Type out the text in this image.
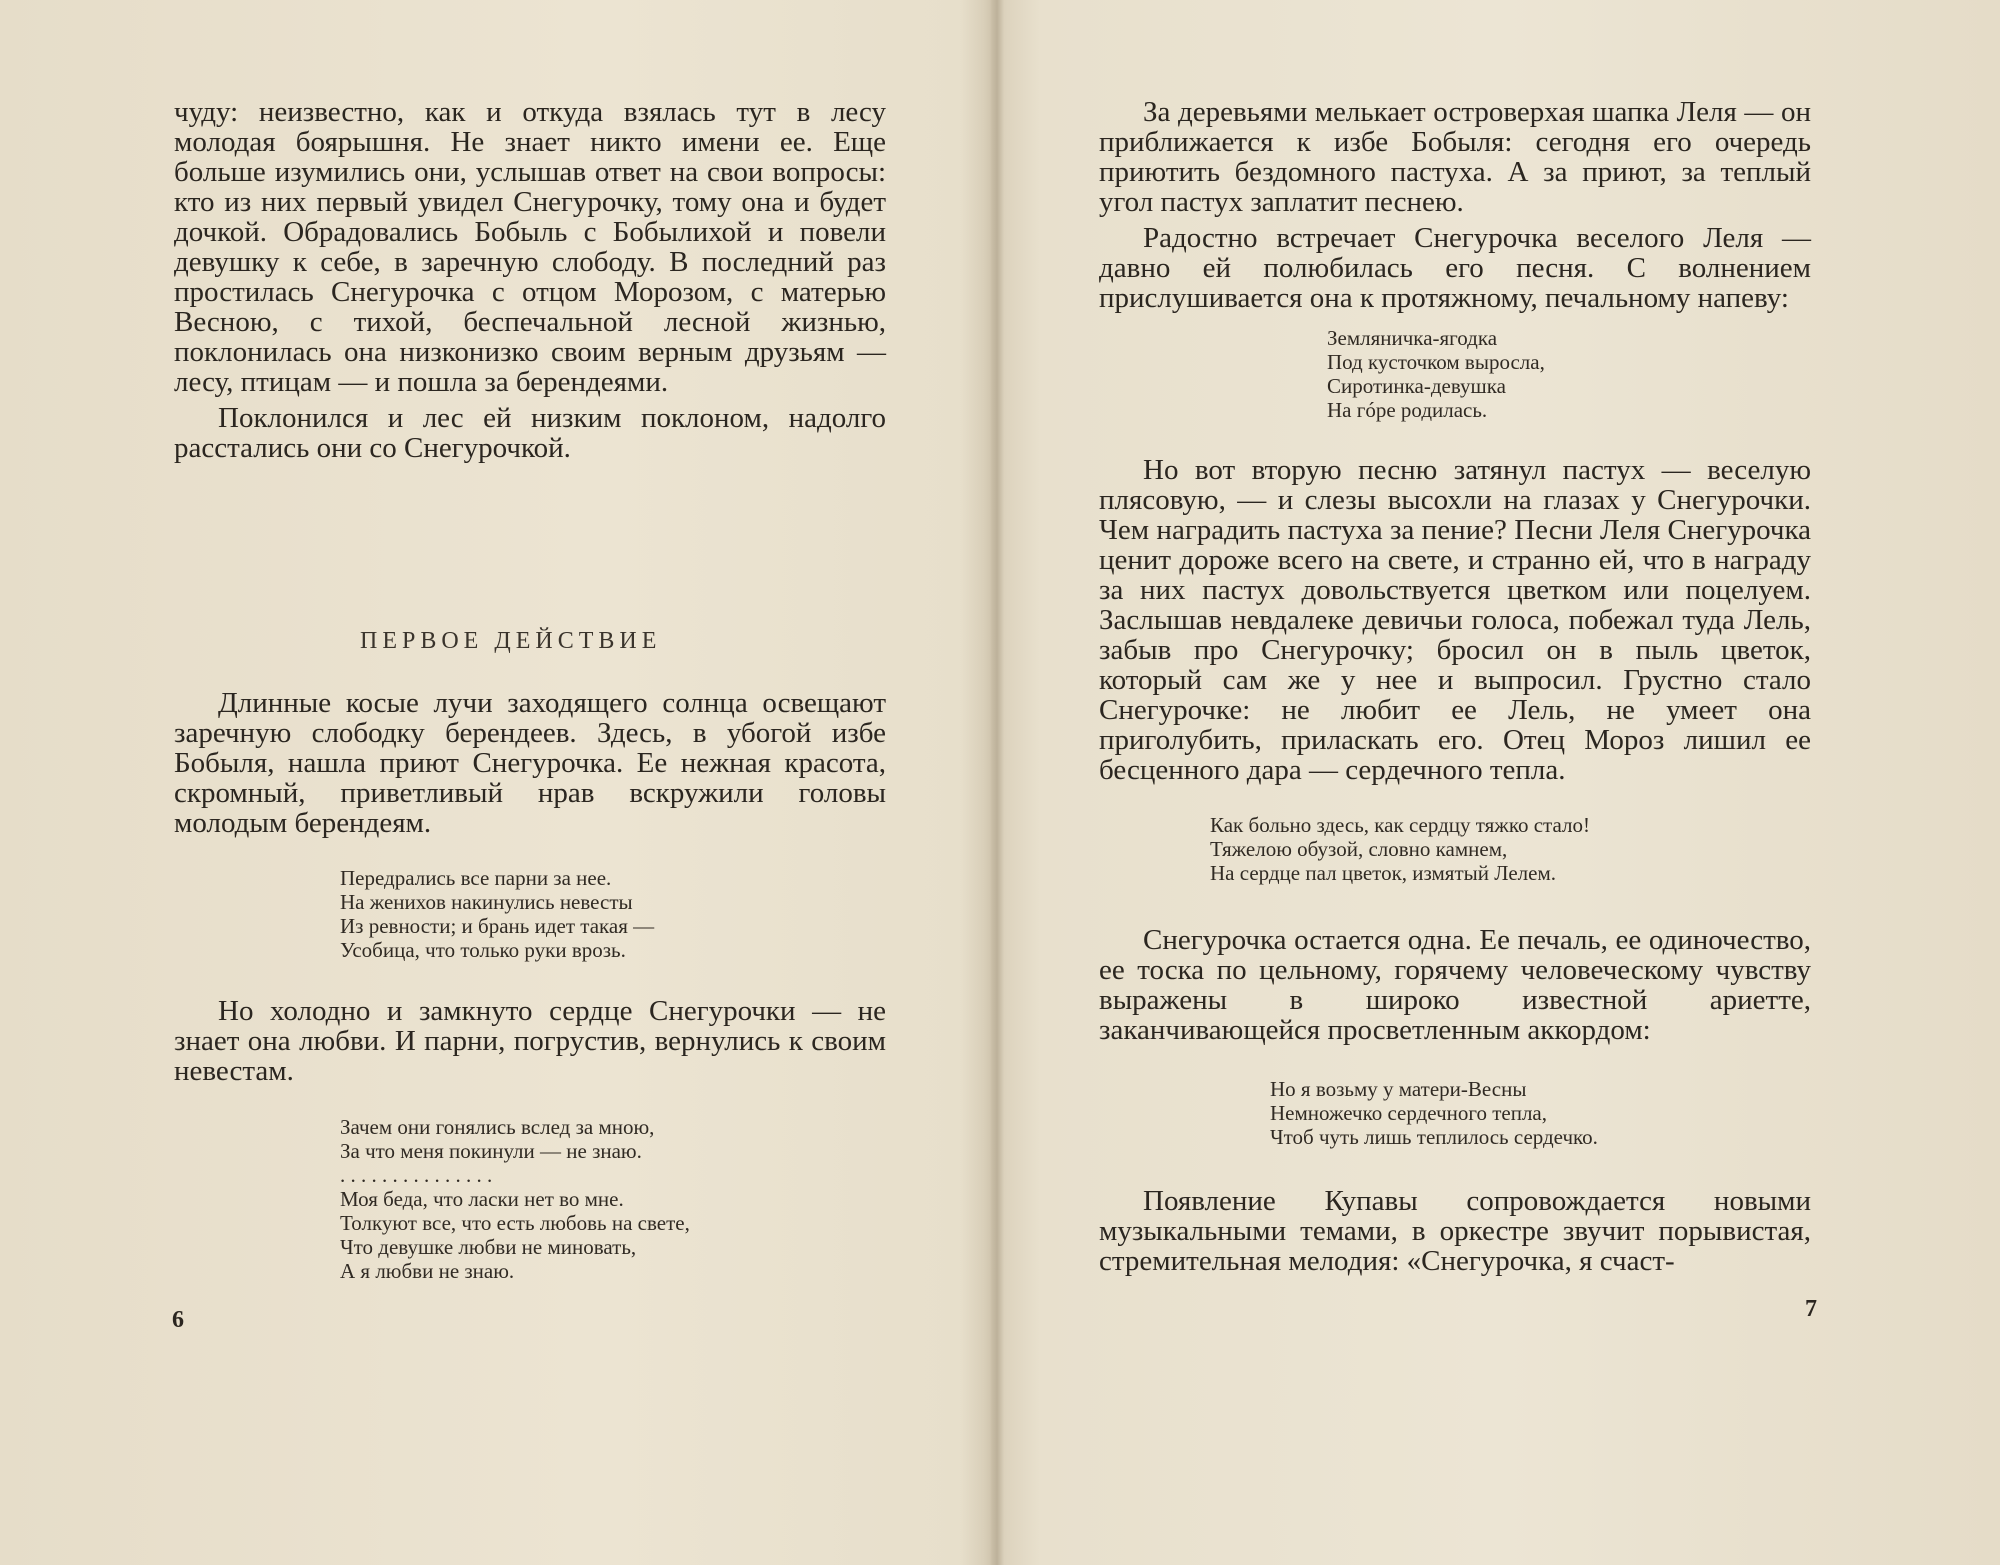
чуду: неизвестно, как и откуда взялась тут в лесу молодая боярышня. Не знает никто имени ее. Еще больше изумились они, услышав ответ на свои вопросы: кто из них первый увидел Снегурочку, тому она и будет дочкой. Обрадовались Бобыль с Бобылихой и повели девушку к себе, в заречную слободу. В последний раз простилась Снегурочка с отцом Морозом, с матерью Весною, с тихой, беспечальной лесной жизнью, поклонилась она низконизко своим верным друзьям — лесу, птицам — и пошла за берендеями.

Поклонился и лес ей низким поклоном, надолго расстались они со Снегурочкой.

ПЕРВОЕ ДЕЙСТВИЕ

Длинные косые лучи заходящего солнца освещают заречную слободку берендеев. Здесь, в убогой избе Бобыля, нашла приют Снегурочка. Ее нежная красота, скромный, приветливый нрав вскружили головы молодым берендеям.

Передрались все парни за нее.
На женихов накинулись невесты
Из ревности; и брань идет такая —
Усобица, что только руки врозь.

Но холодно и замкнуто сердце Снегурочки — не знает она любви. И парни, погрустив, вернулись к своим невестам.

Зачем они гонялись вслед за мною,
За что меня покинули — не знаю.
. . . . . . . . . . . . . . .
Моя беда, что ласки нет во мне.
Толкуют все, что есть любовь на свете,
Что девушке любви не миновать,
А я любви не знаю.
6

За деревьями мелькает островерхая шапка Леля — он приближается к избе Бобыля: сегодня его очередь приютить бездомного пастуха. А за приют, за теплый угол пастух заплатит песнею.

Радостно встречает Снегурочка веселого Леля — давно ей полюбилась его песня. С волнением прислушивается она к протяжному, печальному напеву:

Земляничка-ягодка
Под кусточком выросла,
Сиротинка-девушка
На гóре родилась.

Но вот вторую песню затянул пастух — веселую плясовую, — и слезы высохли на глазах у Снегурочки. Чем наградить пастуха за пение? Песни Леля Снегурочка ценит дороже всего на свете, и странно ей, что в награду за них пастух довольствуется цветком или поцелуем. Заслышав невдалеке девичьи голоса, побежал туда Лель, забыв про Снегурочку; бросил он в пыль цветок, который сам же у нее и выпросил. Грустно стало Снегурочке: не любит ее Лель, не умеет она приголубить, приласкать его. Отец Мороз лишил ее бесценного дара — сердечного тепла.

Как больно здесь, как сердцу тяжко стало!
Тяжелою обузой, словно камнем,
На сердце пал цветок, измятый Лелем.

Снегурочка остается одна. Ее печаль, ее одиночество, ее тоска по цельному, горячему человеческому чувству выражены в широко известной ариетте, заканчивающейся просветленным аккордом:

Но я возьму у матери-Весны
Немножечко сердечного тепла,
Чтоб чуть лишь теплилось сердечко.

Появление Купавы сопровождается новыми музыкальными темами, в оркестре звучит порывистая, стремительная мелодия: «Снегурочка, я счаст-

7
